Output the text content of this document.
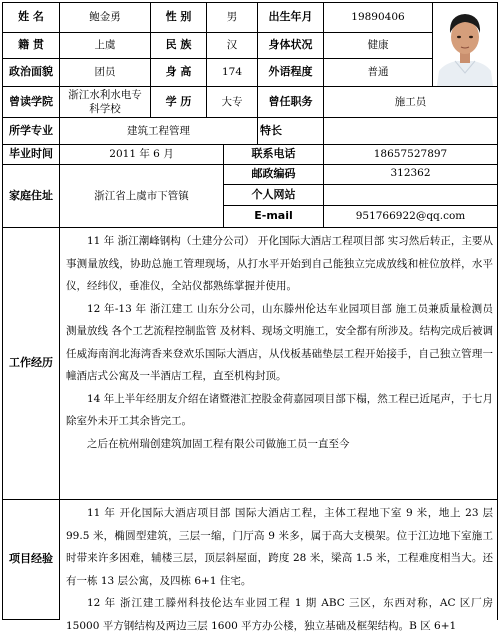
姓 名	鲍金勇	性 别	男	出生年月	19890406
籍 贯	上虞	民 族	汉	身体状况	健康
政治面貌	团员	身 高	174	外语程度	普通
曾读学院	浙江水利水电专科学校
学 历	大专	曾任职务	施工员
所学专业	建筑工程管理	特长
毕业时间	2011 年 6 月	联系电话	18657527897
家庭住址	浙江省上虞市下管镇
邮政编码	312362
个人网站
E-mail	951766922@qq.com
工作经历

11 年 浙江潮峰钢构（土建分公司） 开化国际大酒店工程项目部 实习然后转正，主要从事测量放线，协助总施工管理现场，从打水平开始到自己能独立完成放线和桩位放样，水平仪，经纬仪，垂准仪，全站仪都熟练掌握并使用。

12 年-13 年 浙江建工 山东分公司，山东滕州伦达车业园项目部 施工员兼质量检测员 测量放线 各个工艺流程控制监管 及材料、现场文明施工，安全都有所涉及。结构完成后被调任威海南润北海湾香来登欢乐国际大酒店，从伐板基础垫层工程开始接手，自己独立管理一幢酒店式公寓及一半酒店工程，直至机构封顶。

14 年上半年经朋友介绍在诸暨港汇控股金荷嘉园项目部下榻，然工程已近尾声，于七月除室外未开工其余皆完工。

之后在杭州瑞创建筑加固工程有限公司做施工员一直至今

项目经验

11 年 开化国际大酒店项目部 国际大酒店工程，主体工程地下室 9 米，地上 23 层 99.5 米，椭圆型建筑，三层一缩，门厅高 9 米多，属于高大支模架。位于江边地下室施工时带来许多困难，辅楼三层，顶层斜屋面，跨度 28 米，梁高 1.5 米，工程难度相当大。还有一栋 13 层公寓，及四栋 6+1 住宅。

12 年 浙江建工滕州科技伦达车业园工程 1 期 ABC 三区，东西对称，AC 区厂房 15000 平方钢结构及两边三层 1600 平方办公楼，独立基础及框架结构。B 区 6+1
